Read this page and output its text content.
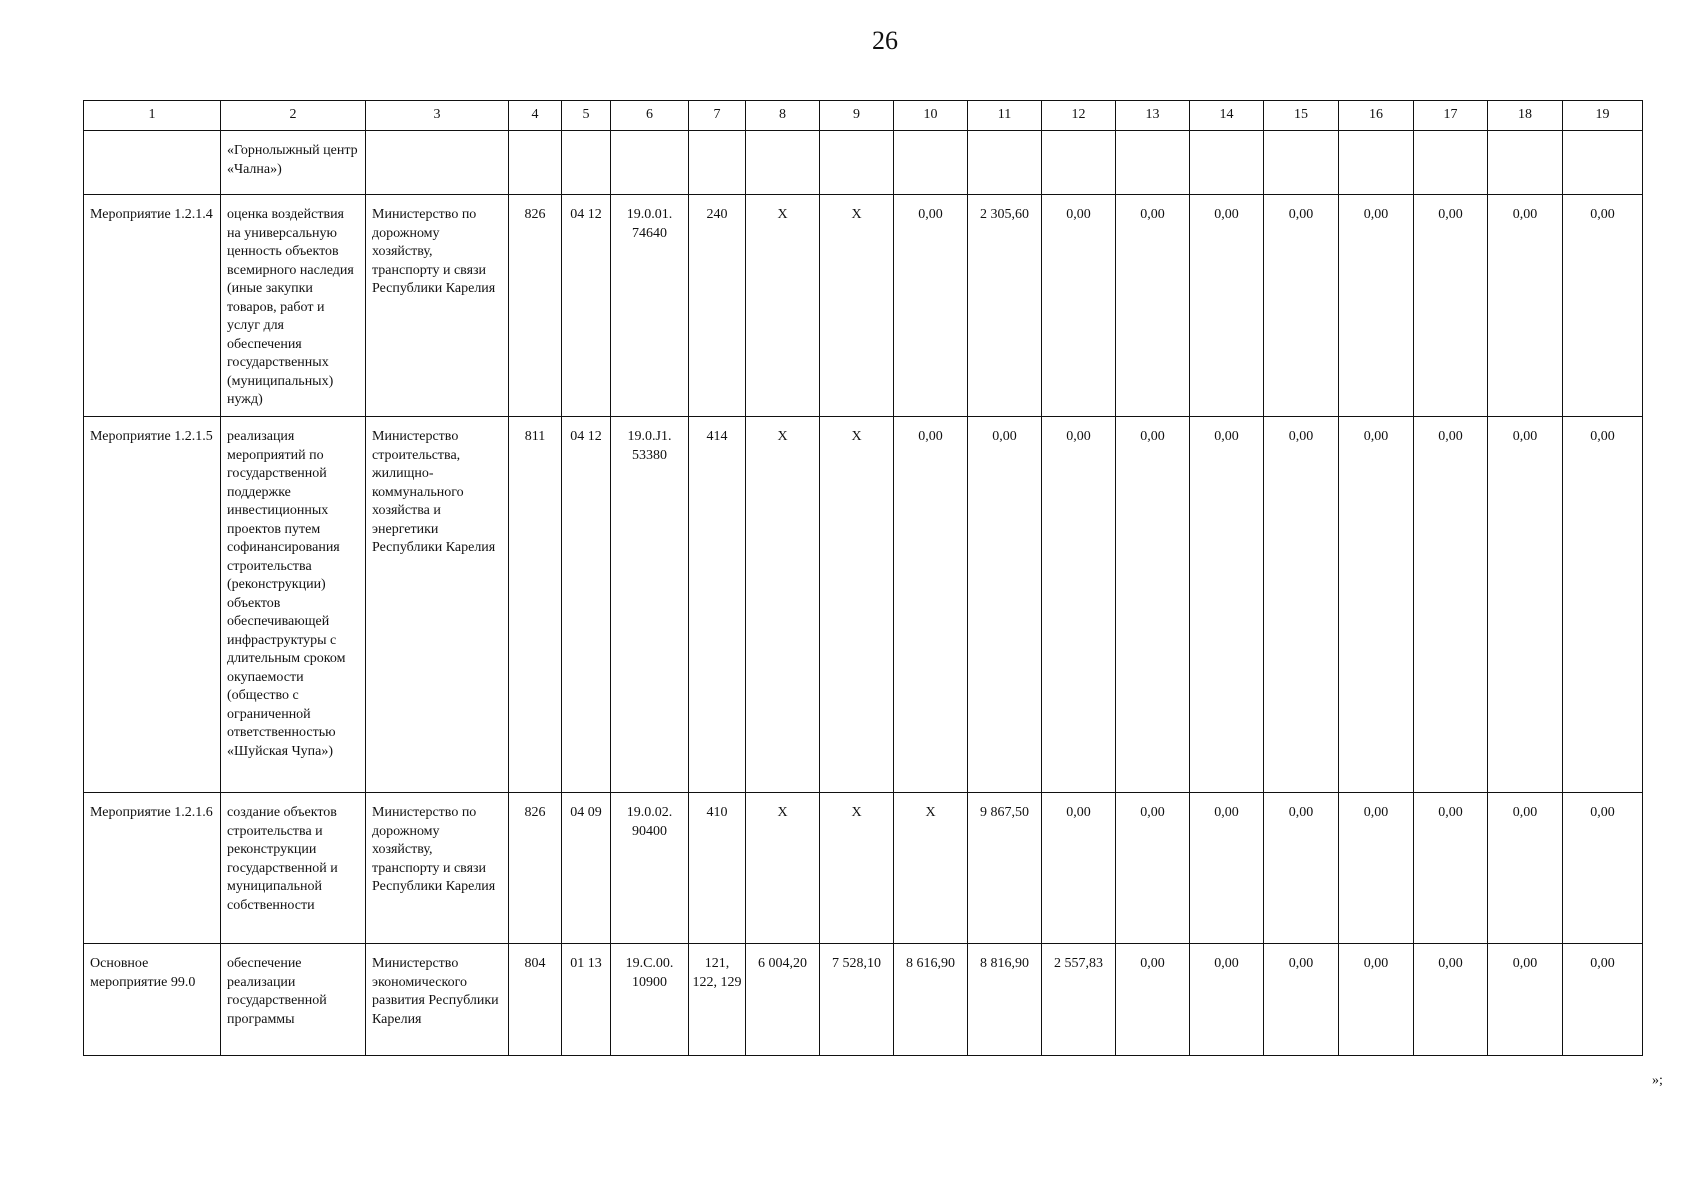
26
1	2	3	4	5	6	7	8	9	10	11	12	13	14	15	16	17	18	19
	«Горнолыжный центр «Чална»)																	
Мероприятие 1.2.1.4	оценка воздействия на универсальную ценность объектов всемирного наследия (иные закупки товаров, работ и услуг для обеспечения государственных (муниципальных) нужд)	Министерство по дорожному хозяйству, транспорту и связи Республики Карелия	826	04 12	19.0.01. 74640	240	X	X	0,00	2 305,60	0,00	0,00	0,00	0,00	0,00	0,00	0,00	0,00
Мероприятие 1.2.1.5	реализация мероприятий по государственной поддержке инвестиционных проектов путем софинансирования строительства (реконструкции) объектов обеспечивающей инфраструктуры с длительным сроком окупаемости (общество с ограниченной ответственностью «Шуйская Чупа»)	Министерство строительства, жилищно-коммунального хозяйства и энергетики Республики Карелия	811	04 12	19.0.J1. 53380	414	X	X	0,00	0,00	0,00	0,00	0,00	0,00	0,00	0,00	0,00	0,00
Мероприятие 1.2.1.6	создание объектов строительства и реконструкции государственной и муниципальной собственности	Министерство по дорожному хозяйству, транспорту и связи Республики Карелия	826	04 09	19.0.02. 90400	410	X	X	X	9 867,50	0,00	0,00	0,00	0,00	0,00	0,00	0,00	0,00
Основное мероприятие 99.0	обеспечение реализации государственной программы	Министерство экономического развития Республики Карелия	804	01 13	19.С.00. 10900	121, 122, 129	6 004,20	7 528,10	8 616,90	8 816,90	2 557,83	0,00	0,00	0,00	0,00	0,00	0,00	0,00
»;
